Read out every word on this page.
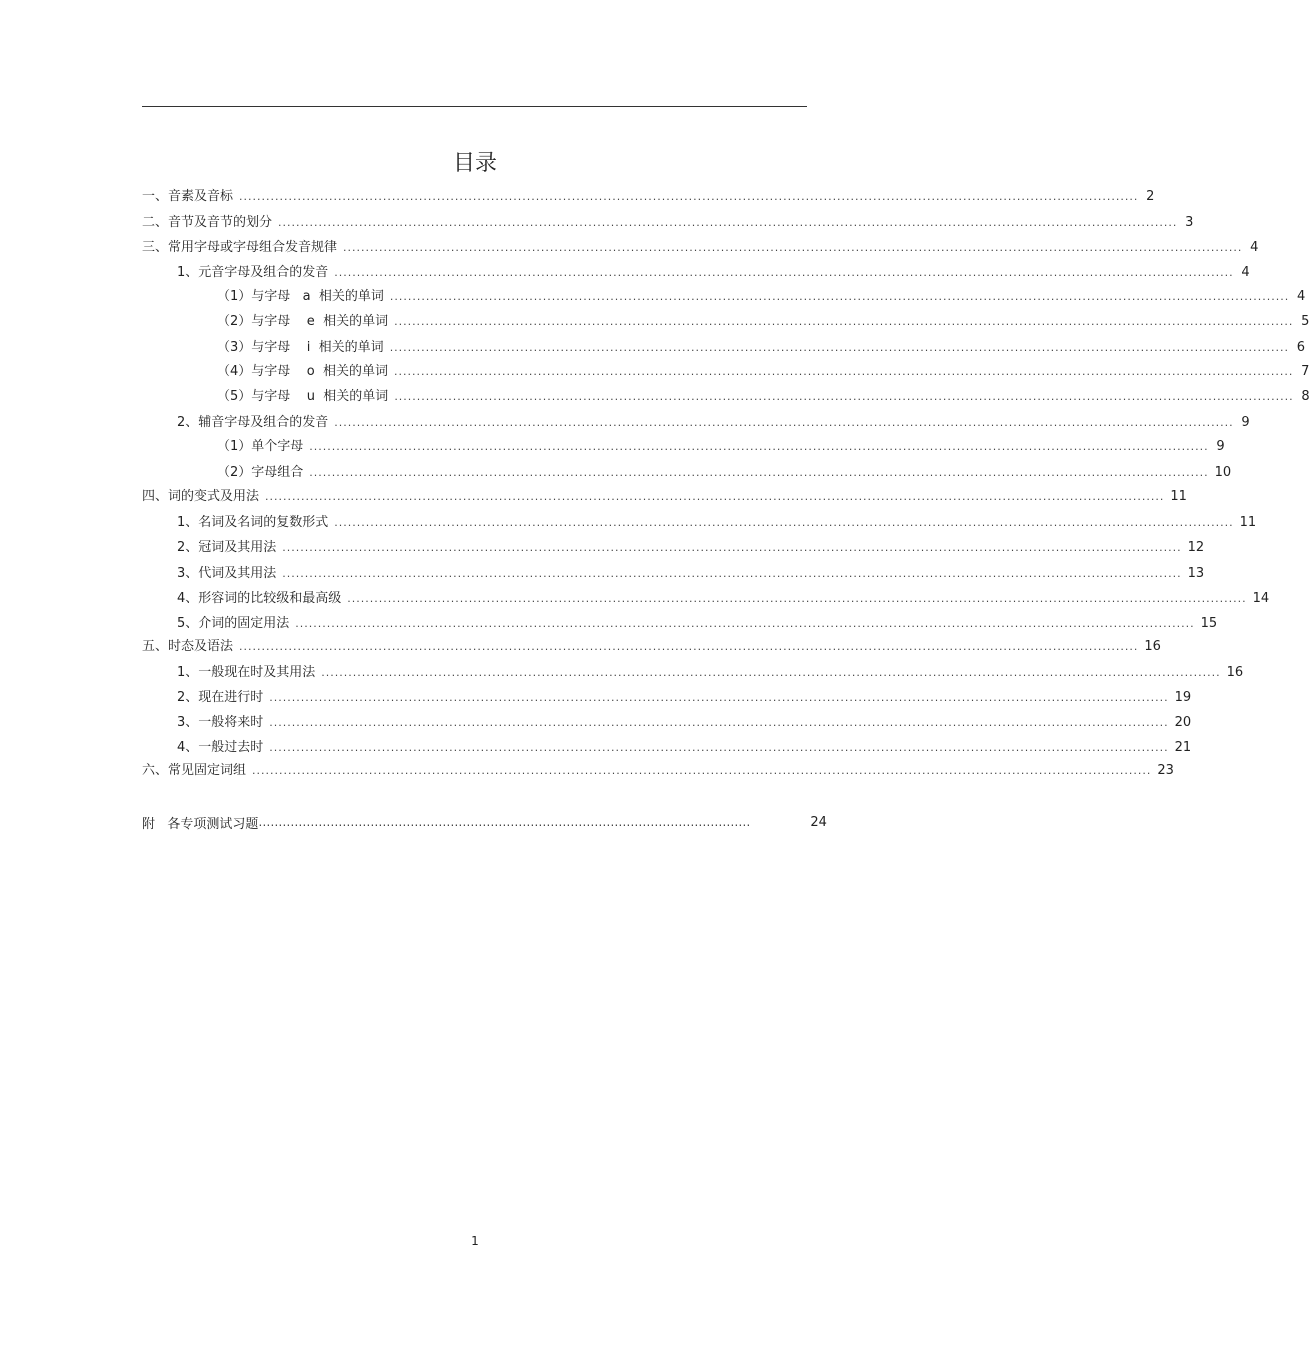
目录
一、音素及音标 ........................................................................................................................................................................................................ 2
二、音节及音节的划分 ........................................................................................................................................................................................................ 3
三、常用字母或字母组合发音规律 ........................................................................................................................................................................................................ 4
1、元音字母及组合的发音 ........................................................................................................................................................................................................ 4
（1）与字母   a  相关的单词 ........................................................................................................................................................................................................ 4
（2）与字母    e  相关的单词 ........................................................................................................................................................................................................ 5
（3）与字母    i  相关的单词 ........................................................................................................................................................................................................ 6
（4）与字母    o  相关的单词 ........................................................................................................................................................................................................ 7
（5）与字母    u  相关的单词 ........................................................................................................................................................................................................ 8
2、辅音字母及组合的发音 ........................................................................................................................................................................................................ 9
（1）单个字母 ........................................................................................................................................................................................................ 9
（2）字母组合 ........................................................................................................................................................................................................ 10
四、词的变式及用法 ........................................................................................................................................................................................................ 11
1、名词及名词的复数形式 ........................................................................................................................................................................................................ 11
2、冠词及其用法 ........................................................................................................................................................................................................ 12
3、代词及其用法 ........................................................................................................................................................................................................ 13
4、形容词的比较级和最高级 ........................................................................................................................................................................................................ 14
5、介词的固定用法 ........................................................................................................................................................................................................ 15
五、时态及语法 ........................................................................................................................................................................................................ 16
1、一般现在时及其用法 ........................................................................................................................................................................................................ 16
2、现在进行时 ........................................................................................................................................................................................................ 19
3、一般将来时 ........................................................................................................................................................................................................ 20
4、一般过去时 ........................................................................................................................................................................................................ 21
六、常见固定词组 ........................................................................................................................................................................................................ 23
附   各专项测试习题 ……………………………………………………………………………………………………………	24
1
